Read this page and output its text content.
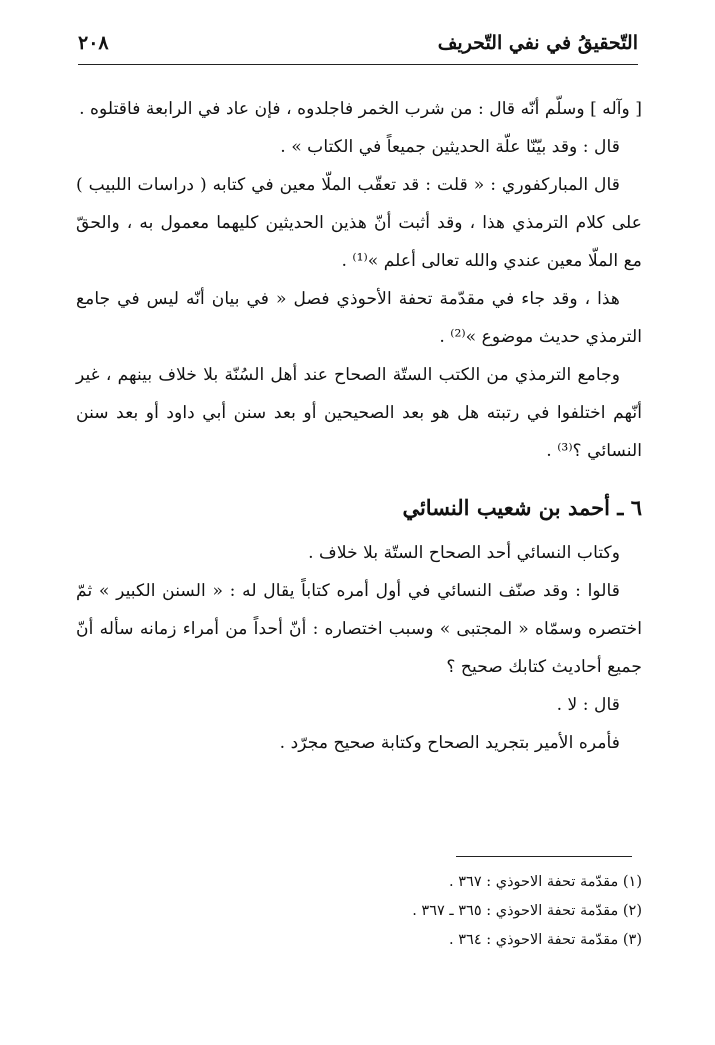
التّحقيقُ في نفي التّحريف
٢٠٨

[ وآله ] وسلّم أنّه قال : من شرب الخمر فاجلدوه ، فإن عاد في الرابعة فاقتلوه .

قال : وقد بيّنّا علّة الحديثين جميعاً في الكتاب » .

قال المباركفوري : « قلت : قد تعقّب الملّا معين في كتابه ( دراسات اللبيب ) على كلام الترمذي هذا ، وقد أثبت أنّ هذين الحديثين كليهما معمول به ، والحقّ مع الملّا معين عندي والله تعالى أعلم »⁽¹⁾ .

هذا ، وقد جاء في مقدّمة تحفة الأحوذي فصل « في بيان أنّه ليس في جامع الترمذي حديث موضوع »⁽²⁾ .

وجامع الترمذي من الكتب الستّة الصحاح عند أهل السُنّة بلا خلاف بينهم ، غير أنّهم اختلفوا في رتبته هل هو بعد الصحيحين أو بعد سنن أبي داود أو بعد سنن النسائي ؟⁽³⁾ .

٦ ـ أحمد بن شعيب النسائي

وكتاب النسائي أحد الصحاح الستّة بلا خلاف .

قالوا : وقد صنّف النسائي في أول أمره كتاباً يقال له : « السنن الكبير » ثمّ اختصره وسمّاه « المجتبى » وسبب اختصاره : أنّ أحداً من أمراء زمانه سأله أنّ جميع أحاديث كتابك صحيح ؟

قال : لا .

فأمره الأمير بتجريد الصحاح وكتابة صحيح مجرّد .

(١) مقدّمة تحفة الاحوذي : ٣٦٧ .

(٢) مقدّمة تحفة الاحوذي : ٣٦٥ ـ ٣٦٧ .

(٣) مقدّمة تحفة الاحوذي : ٣٦٤ .
